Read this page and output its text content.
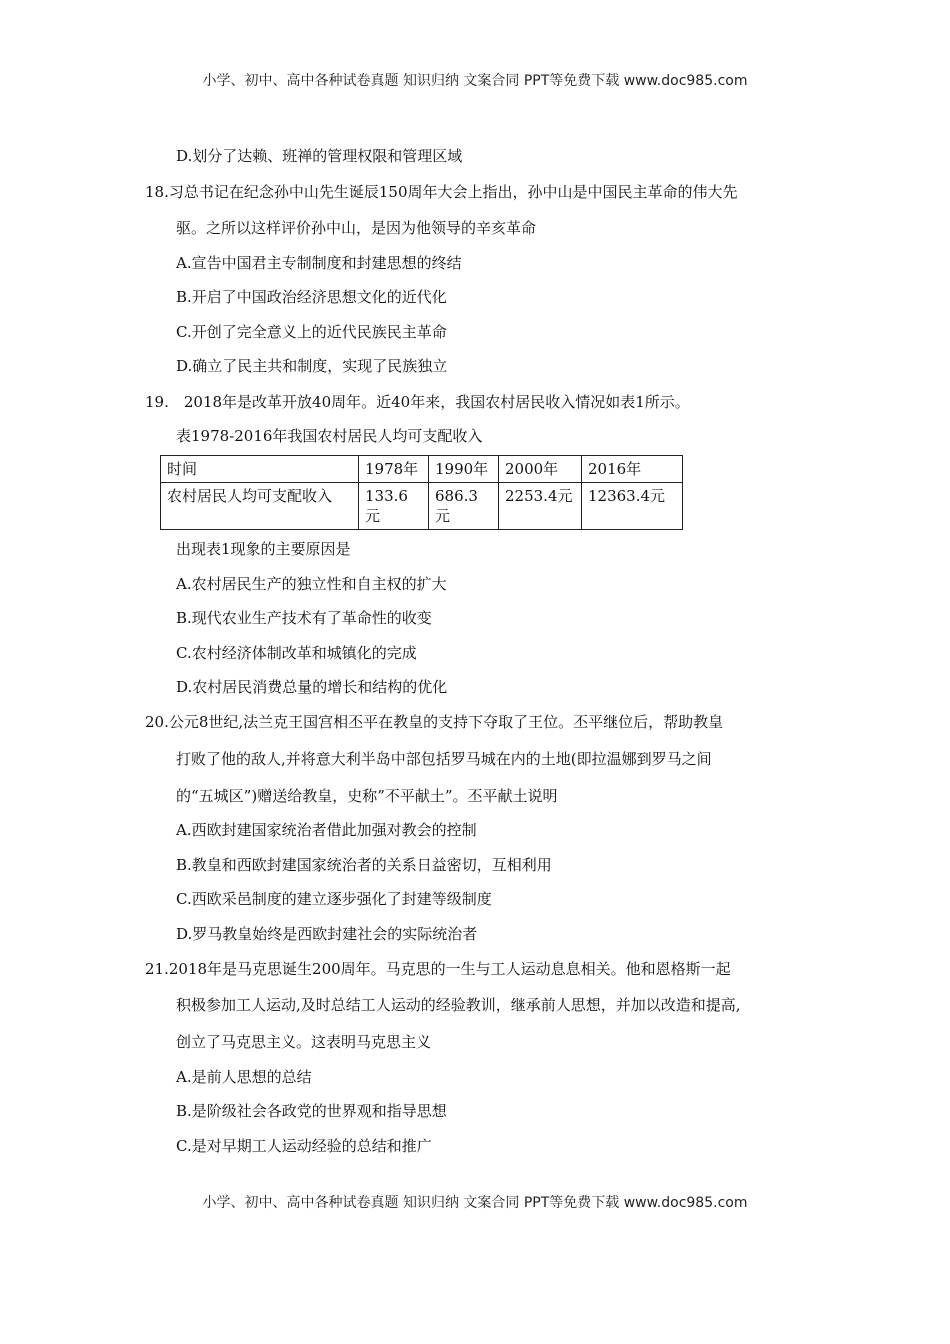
小学、初中、高中各种试卷真题 知识归纳 文案合同 PPT等免费下载 www.doc985.com
D.划分了达赖、班禅的管理权限和管理区域
18.习总书记在纪念孙中山先生诞辰150周年大会上指出，孙中山是中国民主革命的伟大先
驱。之所以这样评价孙中山，是因为他领导的辛亥革命
A.宣告中国君主专制制度和封建思想的终结
B.开启了中国政治经济思想文化的近代化
C.开创了完全意义上的近代民族民主革命
D.确立了民主共和制度，实现了民族独立
19.　2018年是改革开放40周年。近40年来，我国农村居民收入情况如表1所示。
表1978-2016年我国农村居民人均可支配收入
时间	1978年	1990年	2000年	2016年
农村居民人均可支配收入	133.6元	686.3元	2253.4元	12363.4元
出现表1现象的主要原因是
A.农村居民生产的独立性和自主权的扩大
B.现代农业生产技术有了革命性的收变
C.农村经济体制改革和城镇化的完成
D.农村居民消费总量的增长和结构的优化
20.公元8世纪,法兰克王国宫相丕平在教皇的支持下夺取了王位。丕平继位后，帮助教皇
打败了他的敌人,并将意大利半岛中部包括罗马城在内的土地(即拉温娜到罗马之间
的“五城区”)赠送给教皇，史称”不平献土”。丕平献土说明
A.西欧封建国家统治者借此加强对教会的控制
B.教皇和西欧封建国家统治者的关系日益密切，互相利用
C.西欧采邑制度的建立逐步强化了封建等级制度
D.罗马教皇始终是西欧封建社会的实际统治者
21.2018年是马克思诞生200周年。马克思的一生与工人运动息息相关。他和恩格斯一起
积极参加工人运动,及时总结工人运动的经验教训，继承前人思想，并加以改造和提高,
创立了马克思主义。这表明马克思主义
A.是前人思想的总结
B.是阶级社会各政党的世界观和指导思想
C.是对早期工人运动经验的总结和推广
小学、初中、高中各种试卷真题 知识归纳 文案合同 PPT等免费下载 www.doc985.com
